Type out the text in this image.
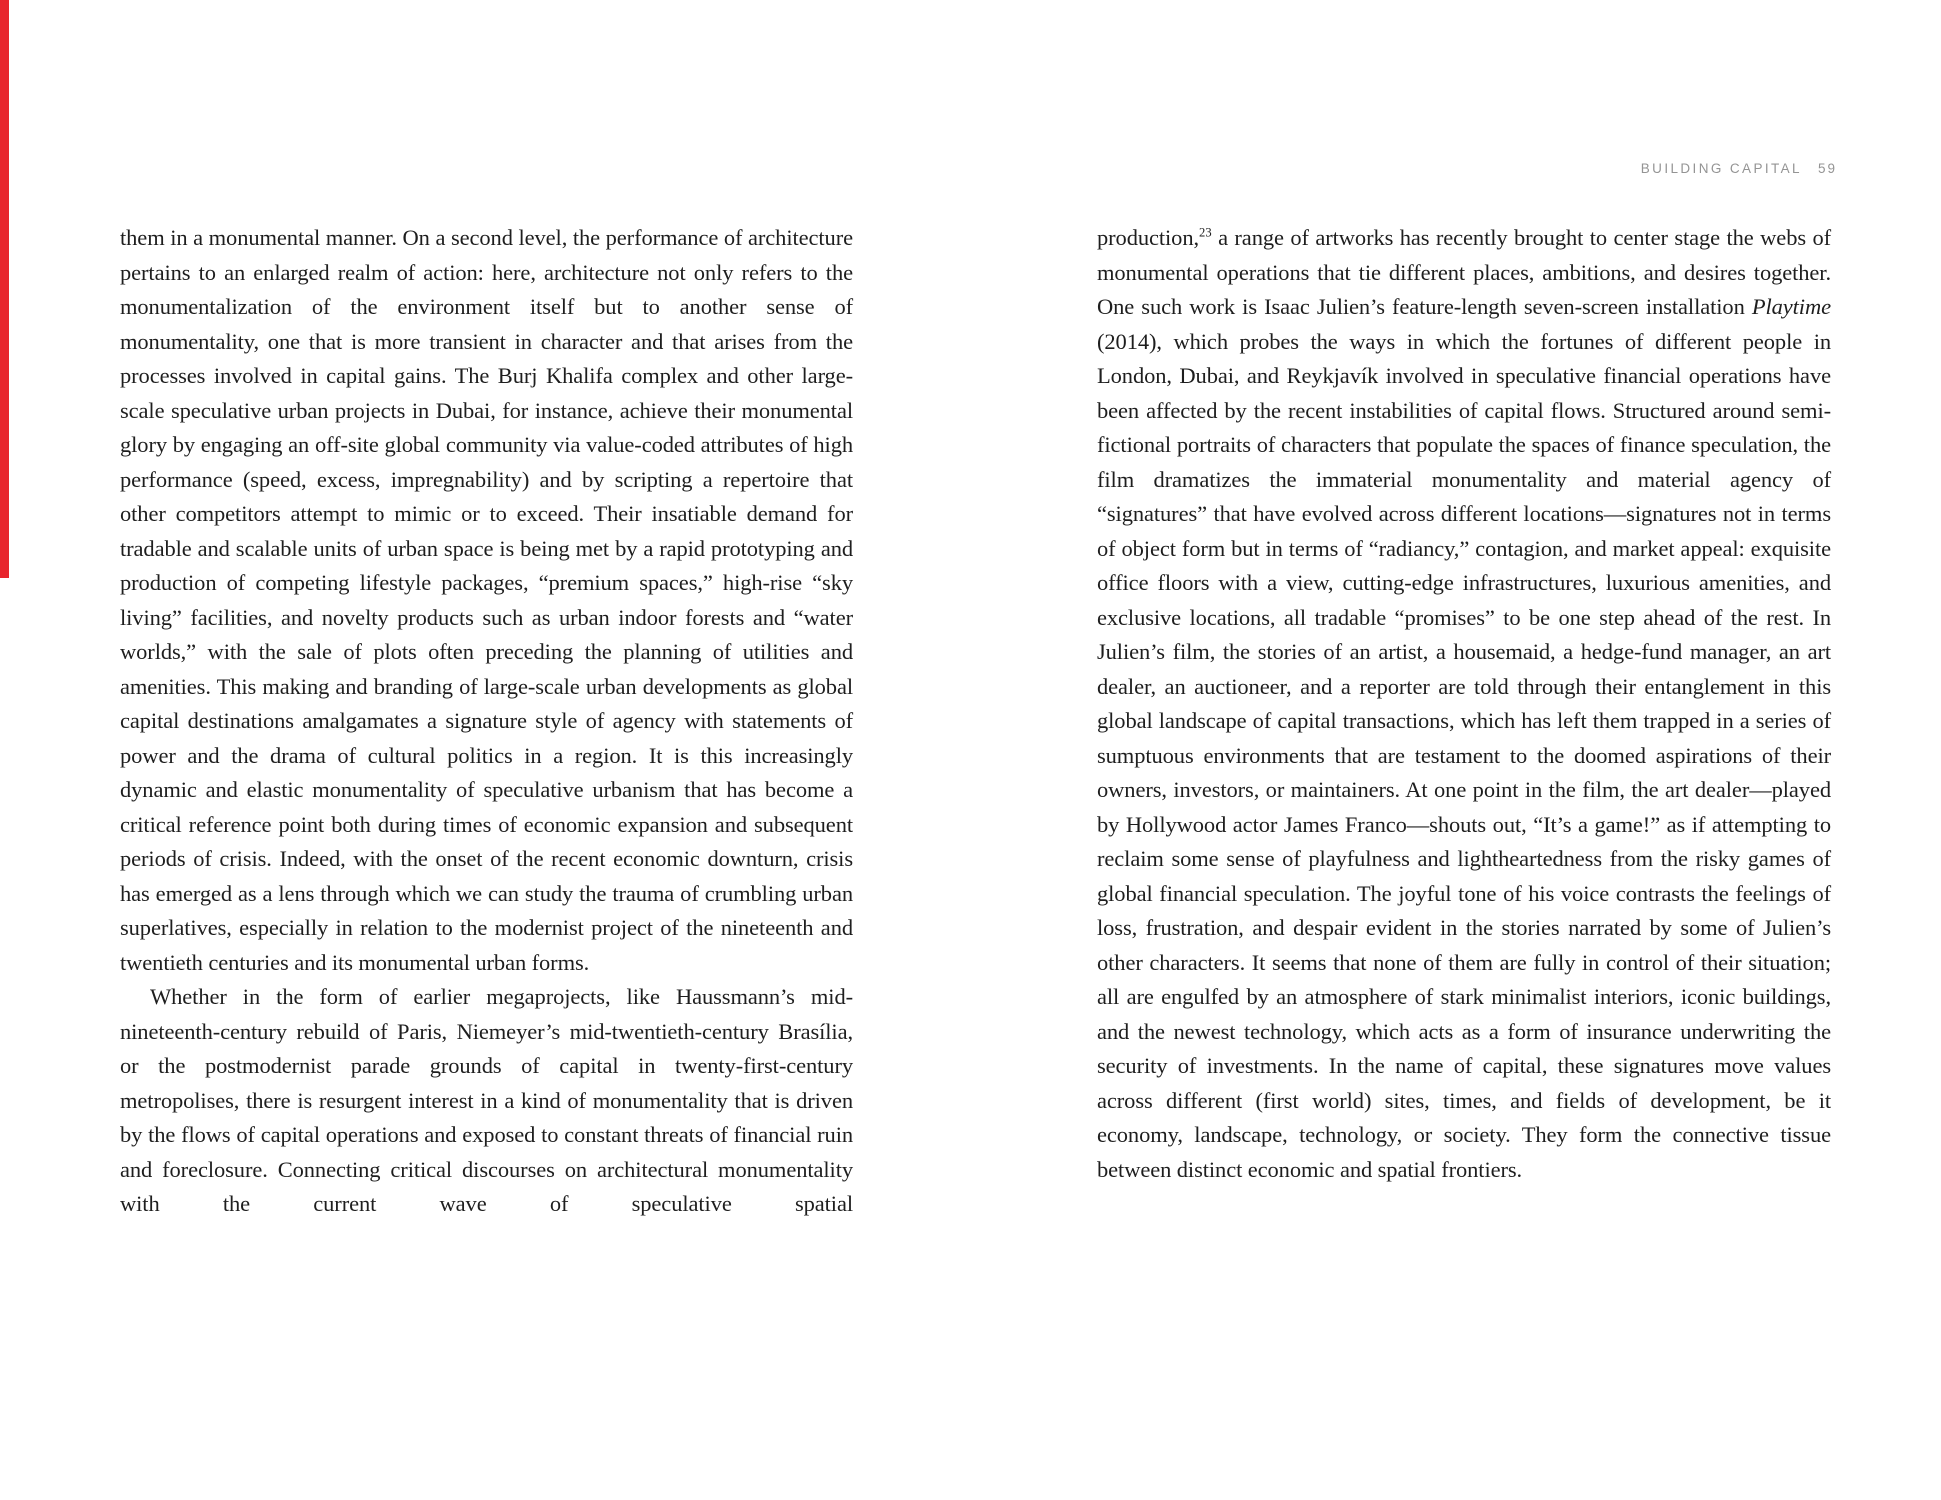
BUILDING CAPITAL 59

them in a monumental manner. On a second level, the performance of architecture pertains to an enlarged realm of action: here, architecture not only refers to the monumentalization of the environment itself but to another sense of monumentality, one that is more transient in character and that arises from the processes involved in capital gains. The Burj Khalifa complex and other large-scale speculative urban projects in Dubai, for instance, achieve their monumental glory by engaging an off-site global community via value-coded attributes of high performance (speed, excess, impregnability) and by scripting a repertoire that other competitors attempt to mimic or to exceed. Their insatiable demand for tradable and scalable units of urban space is being met by a rapid prototyping and production of competing lifestyle packages, “premium spaces,” high-rise “sky living” facilities, and novelty products such as urban indoor forests and “water worlds,” with the sale of plots often preceding the planning of utilities and amenities. This making and branding of large-scale urban developments as global capital destinations amalgamates a signature style of agency with statements of power and the drama of cultural politics in a region. It is this increasingly dynamic and elastic monumentality of speculative urbanism that has become a critical reference point both during times of economic expansion and subsequent periods of crisis. Indeed, with the onset of the recent economic downturn, crisis has emerged as a lens through which we can study the trauma of crumbling urban superlatives, especially in relation to the modernist project of the nineteenth and twentieth centuries and its monumental urban forms.

Whether in the form of earlier megaprojects, like Haussmann’s mid-nineteenth-century rebuild of Paris, Niemeyer’s mid-twentieth-century Brasília, or the postmodernist parade grounds of capital in twenty-first-century metropolises, there is resurgent interest in a kind of monumentality that is driven by the flows of capital operations and exposed to constant threats of financial ruin and foreclosure. Connecting critical discourses on architectural monumentality with the current wave of speculative spatial

production,$^{23}$ a range of artworks has recently brought to center stage the webs of monumental operations that tie different places, ambitions, and desires together. One such work is Isaac Julien’s feature-length seven-screen installation Playtime (2014), which probes the ways in which the fortunes of different people in London, Dubai, and Reykjavík involved in speculative financial operations have been affected by the recent instabilities of capital flows. Structured around semi-fictional portraits of characters that populate the spaces of finance speculation, the film dramatizes the immaterial monumentality and material agency of “signatures” that have evolved across different locations—signatures not in terms of object form but in terms of “radiancy,” contagion, and market appeal: exquisite office floors with a view, cutting-edge infrastructures, luxurious amenities, and exclusive locations, all tradable “promises” to be one step ahead of the rest. In Julien’s film, the stories of an artist, a housemaid, a hedge-fund manager, an art dealer, an auctioneer, and a reporter are told through their entanglement in this global landscape of capital transactions, which has left them trapped in a series of sumptuous environments that are testament to the doomed aspirations of their owners, investors, or maintainers. At one point in the film, the art dealer—played by Hollywood actor James Franco—shouts out, “It’s a game!” as if attempting to reclaim some sense of playfulness and lightheartedness from the risky games of global financial speculation. The joyful tone of his voice contrasts the feelings of loss, frustration, and despair evident in the stories narrated by some of Julien’s other characters. It seems that none of them are fully in control of their situation; all are engulfed by an atmosphere of stark minimalist interiors, iconic buildings, and the newest technology, which acts as a form of insurance underwriting the security of investments. In the name of capital, these signatures move values across different (first world) sites, times, and fields of development, be it economy, landscape, technology, or society. They form the connective tissue between distinct economic and spatial frontiers.
